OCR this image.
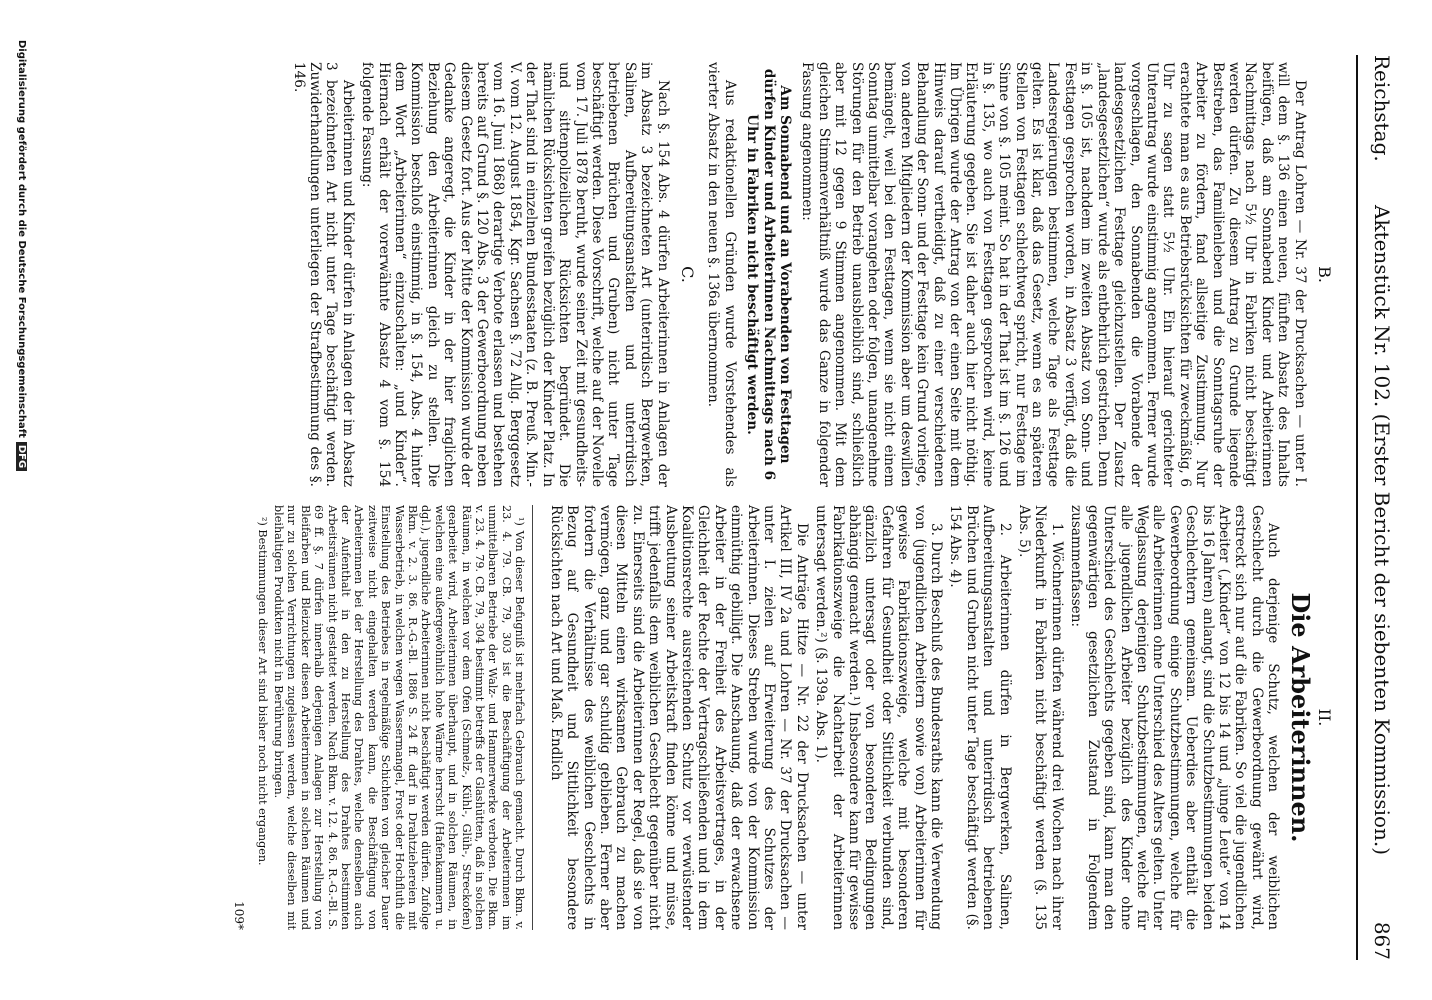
Reichstag.
Aktenstück Nr. 102. (Erster Bericht der siebenten Kommission.)
867
B.

Der Antrag Lohren — Nr. 37 der Drucksachen — unter I. will dem §. 136 einen neuen, fünften Absatz des Inhalts beifügen, daß am Sonnabend Kinder und Arbeiterinnen Nachmittags nach 5½ Uhr in Fabriken nicht beschäftigt werden dürfen. Zu diesem Antrag zu Grunde liegende Bestreben, das Familienleben und die Sonntagsruhe der Arbeiter zu fördern, fand allseitige Zustimmung. Nur erachtete man es aus Betriebsrücksichten für zweckmäßig, 6 Uhr zu sagen statt 5½ Uhr. Ein hierauf gerichteter Unterantrag wurde einstimmig angenommen. Ferner wurde vorgeschlagen, den Sonnabenden die Vorabende der landesgesetzlichen Festtage gleichzustellen. Der Zusatz „landesgesetzlichen“ wurde als entbehrlich gestrichen. Denn in §. 105 ist, nachdem im zweiten Absatz von Sonn- und Festtagen gesprochen worden, in Absatz 3 verfügt, daß die Landesregierungen bestimmen, welche Tage als Festtage gelten. Es ist klar, daß das Gesetz, wenn es an späteren Stellen von Festtagen schlechtweg spricht, nur Festtage im Sinne von §. 105 meint. So hat in der That ist im §. 126 und in §. 135, wo auch von Festtagen gesprochen wird, keine Erläuterung gegeben. Sie ist daher auch hier nicht nöthig. Im Übrigen wurde der Antrag von der einen Seite mit dem Hinweis darauf vertheidigt, daß zu einer verschiedenen Behandlung der Sonn- und der Festtage kein Grund vorliege, von anderen Mitgliedern der Kommission aber um deswillen bemängelt, weil bei den Festtagen, wenn sie nicht einem Sonntag unmittelbar vorangehen oder folgen, unangenehme Störungen für den Betrieb unausbleiblich sind, schließlich aber mit 12 gegen 9 Stimmen angenommen. Mit dem gleichen Stimmenverhältniß wurde das Ganze in folgender Fassung angenommen:

Am Sonnabend und an Vorabenden von Festtagen dürfen Kinder und Arbeiterinnen Nachmittags nach 6 Uhr in Fabriken nicht beschäftigt werden.

Aus redaktionellen Gründen wurde Vorstehendes als vierter Absatz in den neuen §. 136a übernommen.

C.

Nach §. 154 Abs. 4 dürfen Arbeiterinnen in Anlagen der im Absatz 3 bezeichneten Art (unterirdisch Bergwerken, Salinen, Aufbereitungsanstalten und unterirdisch betriebenen Brüchen und Gruben) nicht unter Tage beschäftigt werden. Diese Vorschrift, welche auf der Novelle vom 17. Juli 1878 beruht, wurde seiner Zeit mit gesundheits- und sittenpolizeilichen Rücksichten begründet. Die nämlichen Rücksichten greifen bezüglich der Kinder Platz. In der That sind in einzelnen Bundesstaaten (z. B. Preuß. Min.-V. vom 12. August 1854, Kgr. Sachsen §. 72 Allg. Berggesetz vom 16. Juni 1868) derartige Verbote erlassen und bestehen bereits auf Grund §. 120 Abs. 3 der Gewerbeordnung neben diesem Gesetz fort. Aus der Mitte der Kommission wurde der Gedanke angeregt, die Kinder in der hier fraglichen Beziehung den Arbeiterinnen gleich zu stellen. Die Kommission beschloß einstimmig, in §. 154, Abs. 4 hinter dem Wort „Arbeiterinnen“ einzuschalten: „und Kinder“. Hiernach erhält der vorerwähnte Absatz 4 vom §. 154 folgende Fassung:

Arbeiterinnen und Kinder dürfen in Anlagen der im Absatz 3 bezeichneten Art nicht unter Tage beschäftigt werden. Zuwiderhandlungen unterliegen der Strafbestimmung des §. 146.

II.
Die Arbeiterinnen.

Auch derjenige Schutz, welchen der weiblichen Geschlecht durch die Gewerbeordnung gewährt wird, erstreckt sich nur auf die Fabriken. So viel die jugendlichen Arbeiter („Kinder“ von 12 bis 14 und „junge Leute“ von 14 bis 16 Jahren) anlangt, sind die Schutzbestimmungen beiden Geschlechtern gemeinsam. Ueberdies aber enthält die Gewerbeordnung einige Schutzbestimmungen, welche für alle Arbeiterinnen ohne Unterschied des Alters gelten. Unter Weglassung derjenigen Schutzbestimmungen, welche für alle jugendlichen Arbeiter bezüglich des Kinder ohne Unterschied des Geschlechts gegeben sind, kann man den gegenwärtigen gesetzlichen Zustand in Folgendem zusammenfassen:

1. Wöchnerinnen dürfen während drei Wochen nach ihrer Niederkunft in Fabriken nicht beschäftigt werden (§. 135 Abs. 5).

2. Arbeiterinnen dürfen in Bergwerken, Salinen, Aufbereitungsanstalten und unterirdisch betriebenen Brüchen und Gruben nicht unter Tage beschäftigt werden (§. 154 Abs. 4).

3. Durch Beschluß des Bundesraths kann die Verwendung von (jugendlichen Arbeitern sowie von) Arbeiterinnen für gewisse Fabrikationszweige, welche mit besonderen Gefahren für Gesundheit oder Sittlichkeit verbunden sind, gänzlich untersagt oder von besonderen Bedingungen abhängig gemacht werden.¹) Insbesondere kann für gewisse Fabrikationszweige die Nachtarbeit der Arbeiterinnen untersagt werden.²) (§. 139a. Abs. 1).

Die Anträge Hitze — Nr. 22 der Drucksachen — unter Artikel III, IV 2a und Lohren — Nr. 37 der Drucksachen — unter I. zielen auf Erweiterung des Schutzes der Arbeiterinnen. Dieses Streben wurde von der Kommission einmüthig gebilligt. Die Anschauung, daß der erwachsene Arbeiter in der Freiheit des Arbeitsvertrages, in der Gleichheit der Rechte der Vertragschließenden und in dem Koalitionsrechte ausreichenden Schutz vor verwüstender Ausbeutung seiner Arbeitskraft finden könne und müsse, trifft jedenfalls dem weiblichen Geschlecht gegenüber nicht zu. Einerseits sind die Arbeiterinnen der Regel, daß sie von diesen Mitteln einen wirksamen Gebrauch zu machen vermögen, ganz und gar schuldig geblieben. Ferner aber fordern die Verhältnisse des weiblichen Geschlechts in Bezug auf Gesundheit und Sittlichkeit besondere Rücksichten nach Art und Maß. Endlich

¹) Von dieser Befugniß ist mehrfach Gebrauch gemacht. Durch Bkm. v. 23. 4. 79. CB. 79, 303 ist die Beschäftigung der Arbeiterinnen im unmittelbaren Betriebe der Walz- und Hammerwerke verboten. Die Bkm. v. 23. 4. 79. CB. 79, 304 bestimmt betreffs der Glashütten, daß in solchen Räumen, in welchen vor dem Ofen (Schmelz-, Kühl-, Glüh-, Streckofen) gearbeitet wird, Arbeiterinnen überhaupt, und in solchen Räumen, in welchen eine außergewöhnlich hohe Wärme herrscht (Hafenkammern u. dgl.), jugendliche Arbeiterinnen nicht beschäftigt werden dürfen. Zufolge Bkm. v. 2. 3. 86. R.-G.-Bl. 1886 S. 24 ff. darf in Drahtziehereien mit Wasserbetrieb, in welchen wegen Wassermangel, Frost oder Hochfluth die Einstellung des Betriebes in regelmäßige Schichten von gleicher Dauer zeitweise nicht eingehalten werden kann, die Beschäftigung von Arbeiterinnen bei der Herstellung des Drahtes, welche denselben auch der Aufenthalt in den zu Herstellung des Drahtes bestimmten Arbeitsräumen nicht gestattet werden. Nach Bkm. v. 12. 4. 86. R.-G.-Bl. S. 69 ff. §. 7 dürfen innerhalb derjenigen Anlagen zur Herstellung von Bleifarben und Bleizucker diesen Arbeiterinnen in solchen Räumen und nur zu solchen Verrichtungen zugelassen werden, welche dieselben mit bleihaltigen Produkten nicht in Berührung bringen.

²) Bestimmungen dieser Art sind bisher noch nicht ergangen.

109*
Digitalisierung gefördert durch die Deutsche ForschungsgemeinschaftDFG
